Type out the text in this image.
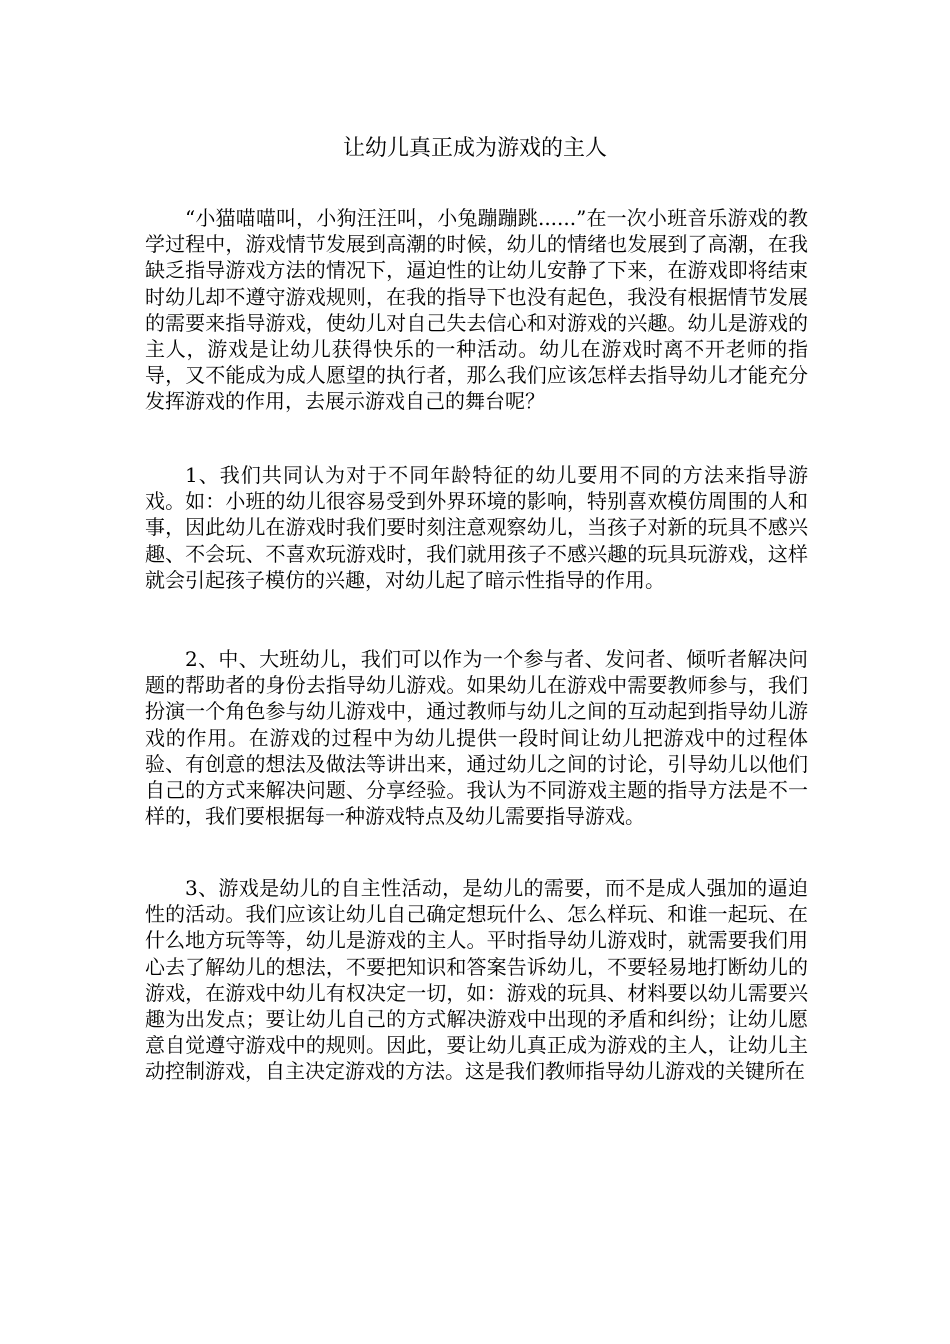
让幼儿真正成为游戏的主人

“小猫喵喵叫，小狗汪汪叫，小兔蹦蹦跳......”在一次小班音乐游戏的教学过程中，游戏情节发展到高潮的时候，幼儿的情绪也发展到了高潮，在我缺乏指导游戏方法的情况下，逼迫性的让幼儿安静了下来，在游戏即将结束时幼儿却不遵守游戏规则，在我的指导下也没有起色，我没有根据情节发展的需要来指导游戏，使幼儿对自己失去信心和对游戏的兴趣。幼儿是游戏的主人，游戏是让幼儿获得快乐的一种活动。幼儿在游戏时离不开老师的指导，又不能成为成人愿望的执行者，那么我们应该怎样去指导幼儿才能充分发挥游戏的作用，去展示游戏自己的舞台呢？

1、我们共同认为对于不同年龄特征的幼儿要用不同的方法来指导游戏。如：小班的幼儿很容易受到外界环境的影响，特别喜欢模仿周围的人和事，因此幼儿在游戏时我们要时刻注意观察幼儿，当孩子对新的玩具不感兴趣、不会玩、不喜欢玩游戏时，我们就用孩子不感兴趣的玩具玩游戏，这样就会引起孩子模仿的兴趣，对幼儿起了暗示性指导的作用。

2、中、大班幼儿，我们可以作为一个参与者、发问者、倾听者解决问题的帮助者的身份去指导幼儿游戏。如果幼儿在游戏中需要教师参与，我们扮演一个角色参与幼儿游戏中，通过教师与幼儿之间的互动起到指导幼儿游戏的作用。在游戏的过程中为幼儿提供一段时间让幼儿把游戏中的过程体验、有创意的想法及做法等讲出来，通过幼儿之间的讨论，引导幼儿以他们自己的方式来解决问题、分享经验。我认为不同游戏主题的指导方法是不一样的，我们要根据每一种游戏特点及幼儿需要指导游戏。

3、游戏是幼儿的自主性活动，是幼儿的需要，而不是成人强加的逼迫性的活动。我们应该让幼儿自己确定想玩什么、怎么样玩、和谁一起玩、在什么地方玩等等，幼儿是游戏的主人。平时指导幼儿游戏时，就需要我们用心去了解幼儿的想法，不要把知识和答案告诉幼儿，不要轻易地打断幼儿的游戏，在游戏中幼儿有权决定一切，如：游戏的玩具、材料要以幼儿需要兴趣为出发点；要让幼儿自己的方式解决游戏中出现的矛盾和纠纷；让幼儿愿意自觉遵守游戏中的规则。因此，要让幼儿真正成为游戏的主人，让幼儿主动控制游戏，自主决定游戏的方法。这是我们教师指导幼儿游戏的关键所在
